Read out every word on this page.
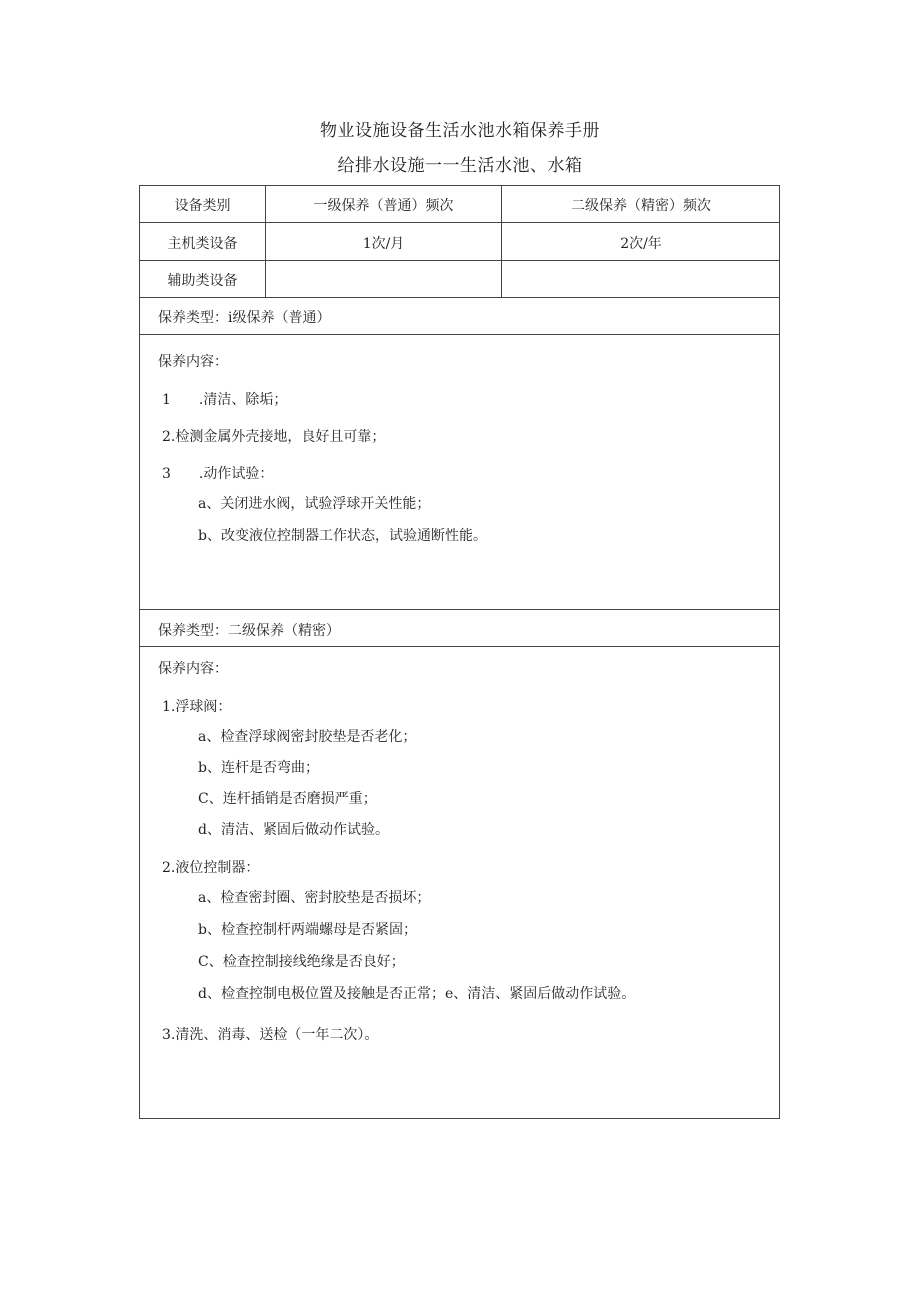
物业设施设备生活水池水箱保养手册
给排水设施一一生活水池、水箱
设备类别	一级保养（普通）频次	二级保养（精密）频次
主机类设备	1次/月	2次/年
辅助类设备
保养类型：i级保养（普通）
保养内容：
1　　.清洁、除垢；
2.检测金属外壳接地，良好且可靠；
3　　.动作试验：
a、关闭进水阀，试验浮球开关性能；
b、改变液位控制器工作状态，试验通断性能。
保养类型：二级保养（精密）
保养内容：
1.浮球阀：
a、检查浮球阀密封胶垫是否老化；
b、连杆是否弯曲；
C、连杆插销是否磨损严重；
d、清洁、紧固后做动作试验。
2.液位控制器：
a、检查密封圈、密封胶垫是否损坏；
b、检查控制杆两端螺母是否紧固；
C、检查控制接线绝缘是否良好；
d、检查控制电极位置及接触是否正常；e、清洁、紧固后做动作试验。
3.清洗、消毒、送检（一年二次）。
